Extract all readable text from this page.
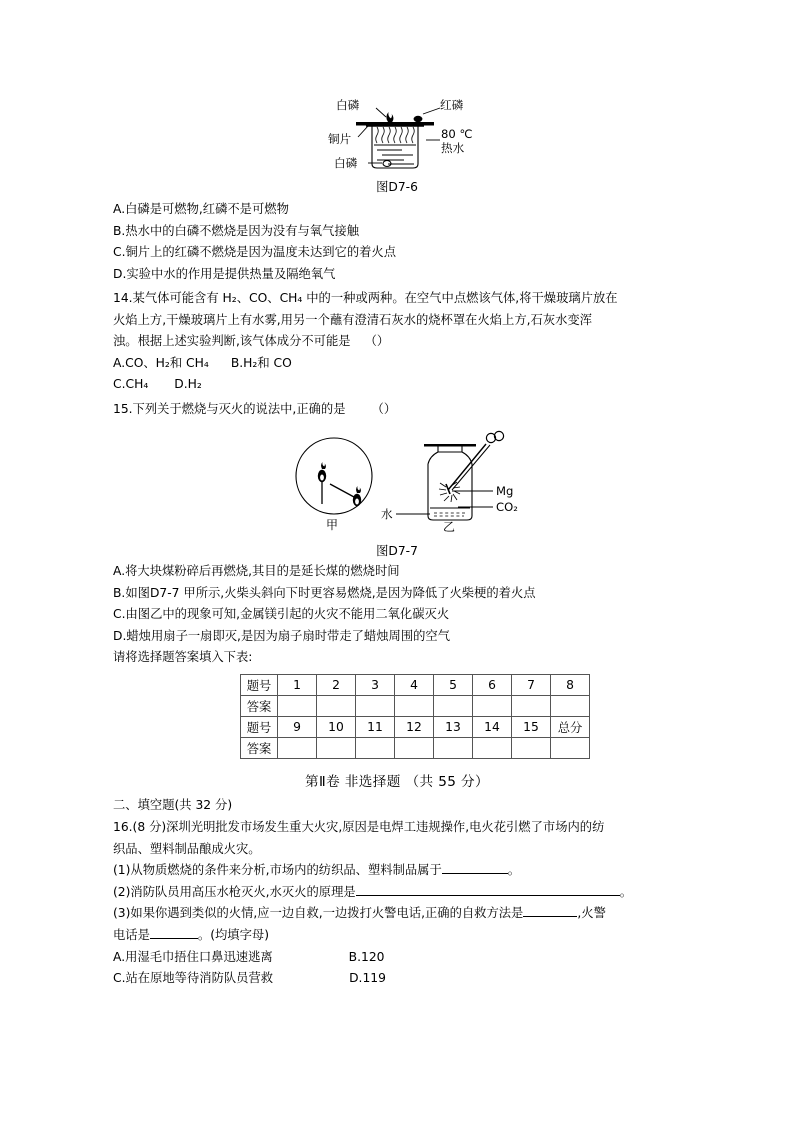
白磷	红磷
铜片	80 ℃
热水
白磷
图D7-6
A.白磷是可燃物,红磷不是可燃物
B.热水中的白磷不燃烧是因为没有与氧气接触
C.铜片上的红磷不燃烧是因为温度未达到它的着火点
D.实验中水的作用是提供热量及隔绝氧气
14.某气体可能含有 H₂、CO、CH₄ 中的一种或两种。在空气中点燃该气体,将干燥玻璃片放在
火焰上方,干燥玻璃片上有水雾,用另一个蘸有澄清石灰水的烧杯罩在火焰上方,石灰水变浑
浊。根据上述实验判断,该气体成分不可能是 （）
A.CO、H₂和 CH₄ B.H₂和 CO
C.CH₄ D.H₂
15.下列关于燃烧与灭火的说法中,正确的是 （）
甲	乙
水
Mg
CO₂
图D7-7
A.将大块煤粉碎后再燃烧,其目的是延长煤的燃烧时间
B.如图D7-7 甲所示,火柴头斜向下时更容易燃烧,是因为降低了火柴梗的着火点
C.由图乙中的现象可知,金属镁引起的火灾不能用二氧化碳灭火
D.蜡烛用扇子一扇即灭,是因为扇子扇时带走了蜡烛周围的空气
请将选择题答案填入下表:
题号	1	2	3	4	5	6	7	8
答案								
题号	9	10	11	12	13	14	15	总分
答案								
第Ⅱ卷 非选择题 （共 55 分）
二、填空题(共 32 分)
16.(8 分)深圳光明批发市场发生重大火灾,原因是电焊工违规操作,电火花引燃了市场内的纺
织品、塑料制品酿成火灾。
(1)从物质燃烧的条件来分析,市场内的纺织品、塑料制品属于	。
(2)消防队员用高压水枪灭火,水灭火的原理是	。
(3)如果你遇到类似的火情,应一边自救,一边拨打火警电话,正确的自救方法是	,火警
电话是	。(均填字母)
A.用湿毛巾捂住口鼻迅速逃离	B.120
C.站在原地等待消防队员营救	D.119
